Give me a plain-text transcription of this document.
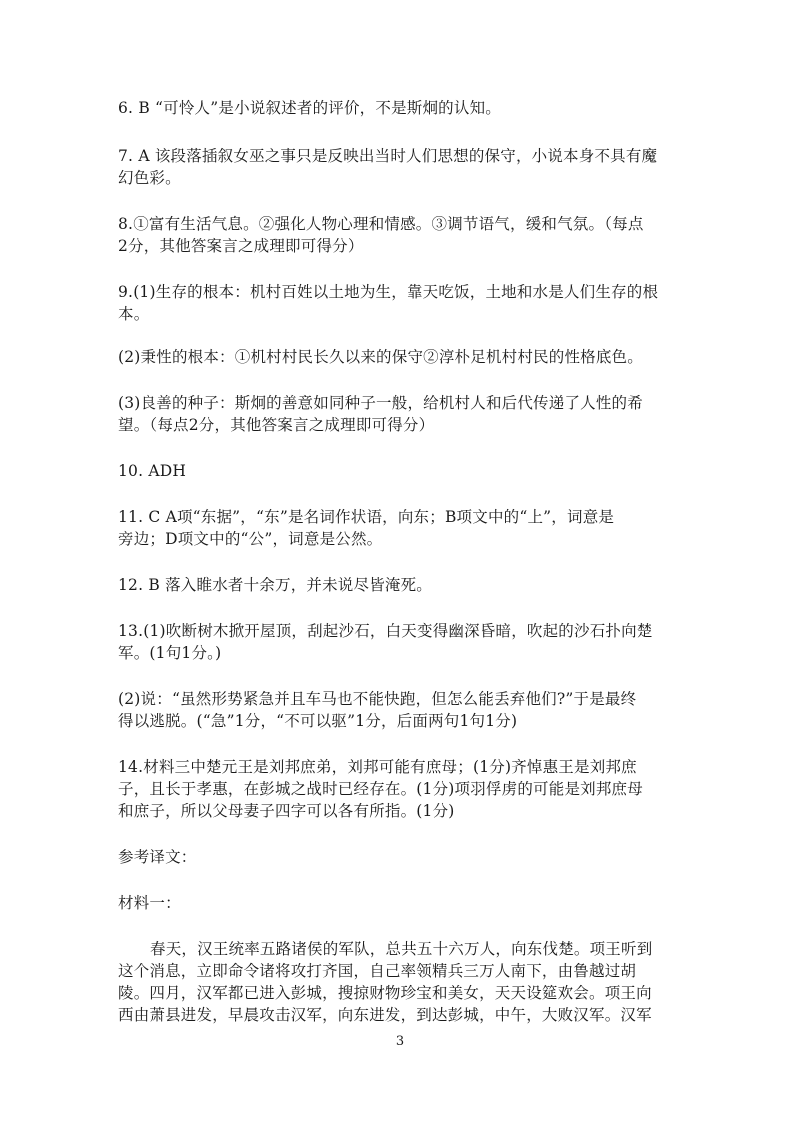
6. B “可怜人”是小说叙述者的评价，不是斯炯的认知。
7. A 该段落插叙女巫之事只是反映出当时人们思想的保守，小说本身不具有魔
幻色彩。
8.①富有生活气息。②强化人物心理和情感。③调节语气，缓和气氛。（每点
2分，其他答案言之成理即可得分）
9.(1)生存的根本：机村百姓以土地为生，靠天吃饭，土地和水是人们生存的根
本。
(2)秉性的根本：①机村村民长久以来的保守②淳朴足机村村民的性格底色。
(3)良善的种子：斯炯的善意如同种子一般，给机村人和后代传递了人性的希
望。（每点2分，其他答案言之成理即可得分）
10. ADH
11. C A项“东据”，“东”是名词作状语，向东；B项文中的“上”，词意是
旁边；D项文中的“公”，词意是公然。
12. B 落入睢水者十余万，并未说尽皆淹死。
13.(1)吹断树木掀开屋顶，刮起沙石，白天变得幽深昏暗，吹起的沙石扑向楚
军。(1句1分。)
(2)说：“虽然形势紧急并且车马也不能快跑，但怎么能丢弃他们?”于是最终
得以逃脱。(“急”1分，“不可以驱”1分，后面两句1句1分)
14.材料三中楚元王是刘邦庶弟，刘邦可能有庶母；(1分)齐悼惠王是刘邦庶
子，且长于孝惠，在彭城之战时已经存在。(1分)项羽俘虏的可能是刘邦庶母
和庶子，所以父母妻子四字可以各有所指。(1分)
参考译文：
材料一：
春天，汉王统率五路诸侯的军队，总共五十六万人，向东伐楚。项王听到
这个消息，立即命令诸将攻打齐国，自己率领精兵三万人南下，由鲁越过胡
陵。四月，汉军都已进入彭城，搜掠财物珍宝和美女，天天设筵欢会。项王向
西由萧县进发，早晨攻击汉军，向东进发，到达彭城，中午，大败汉军。汉军
3
